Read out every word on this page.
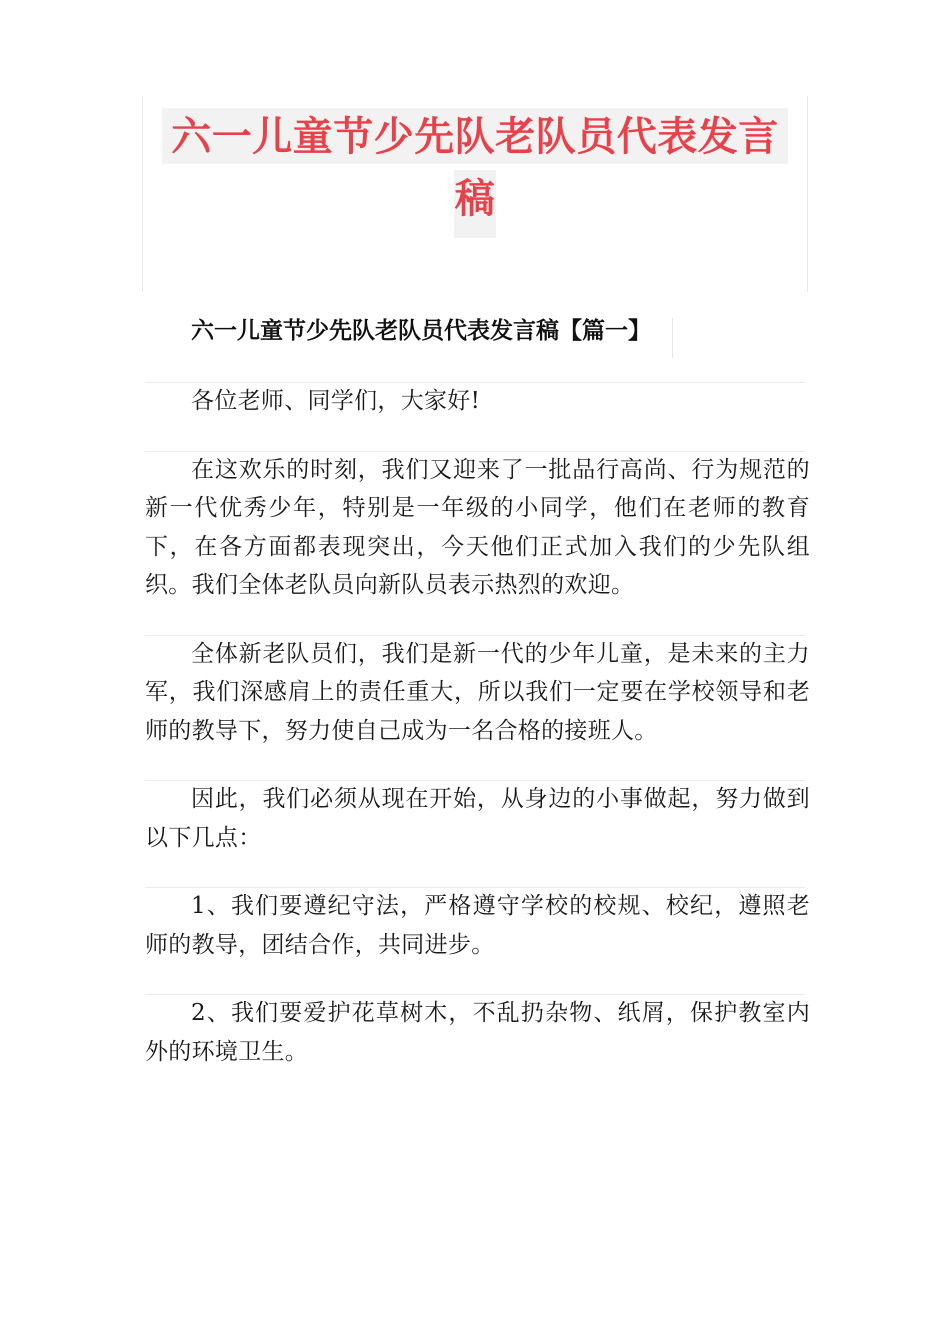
六一儿童节少先队老队员代表发言稿
六一儿童节少先队老队员代表发言稿【篇一】

各位老师、同学们，大家好!

在这欢乐的时刻，我们又迎来了一批品行高尚、行为规范的新一代优秀少年，特别是一年级的小同学，他们在老师的教育下，在各方面都表现突出，今天他们正式加入我们的少先队组织。我们全体老队员向新队员表示热烈的欢迎。

全体新老队员们，我们是新一代的少年儿童，是未来的主力军，我们深感肩上的责任重大，所以我们一定要在学校领导和老师的教导下，努力使自己成为一名合格的接班人。

因此，我们必须从现在开始，从身边的小事做起，努力做到以下几点：

1、我们要遵纪守法，严格遵守学校的校规、校纪，遵照老师的教导，团结合作，共同进步。

2、我们要爱护花草树木，不乱扔杂物、纸屑，保护教室内外的环境卫生。
